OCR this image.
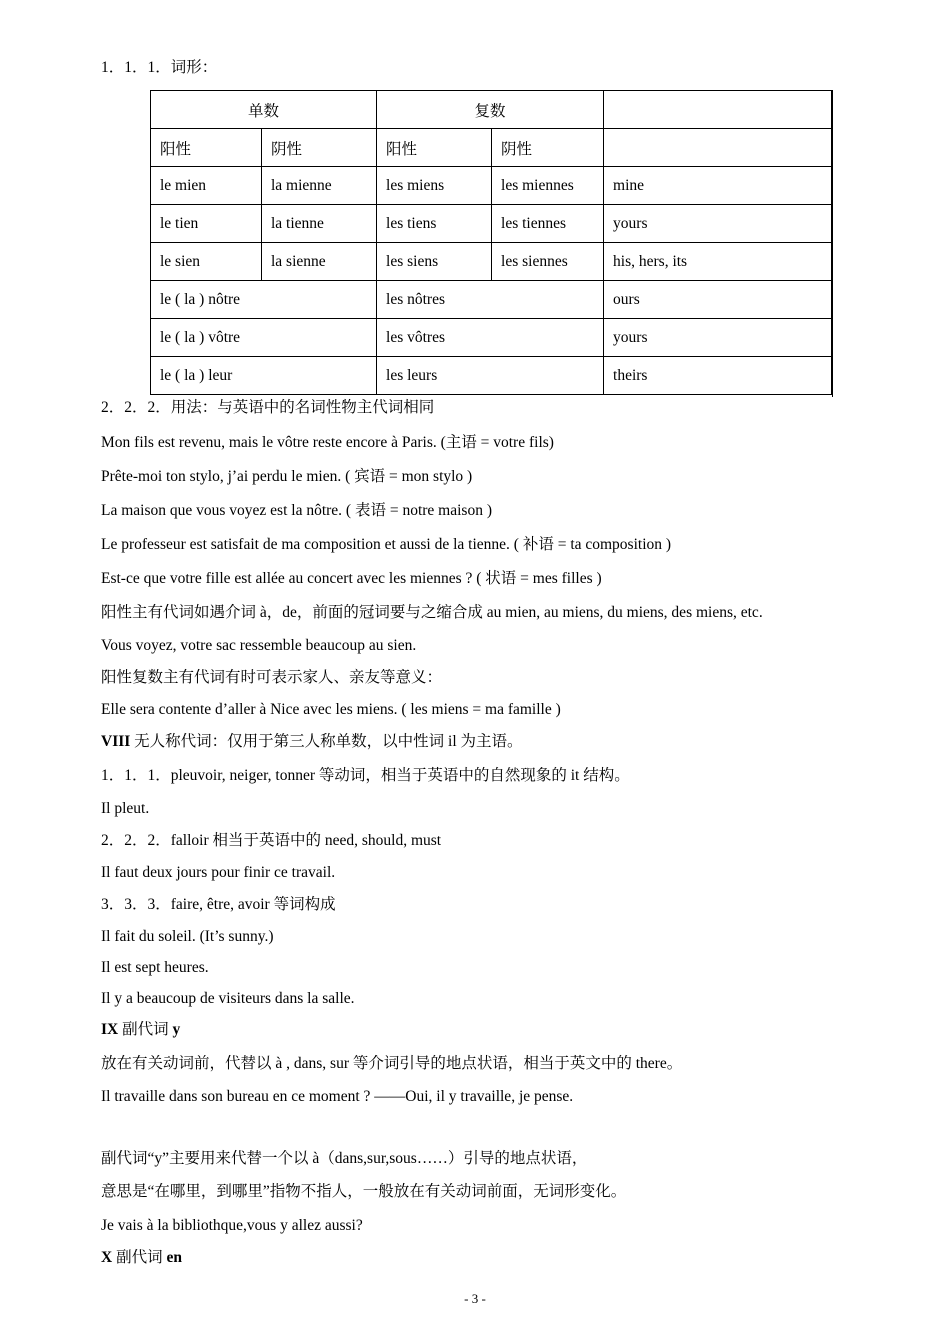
1．1．1．词形：
单数		复数		
阳性	阴性	阳性	阴性	
le mien	la mienne	les miens	les miennes	mine
le tien	la tienne	les tiens	les tiennes	yours
le sien	la sienne	les siens	les siennes	his, hers, its
le ( la ) nôtre		les nôtres		ours
le ( la ) vôtre		les vôtres		yours
le ( la ) leur		les leurs		theirs
2．2．2．用法：与英语中的名词性物主代词相同
Mon fils est revenu, mais le vôtre reste encore à Paris. (主语 = votre fils)
Prête-moi ton stylo, j’ai perdu le mien. ( 宾语 = mon stylo )
La maison que vous voyez est la nôtre. ( 表语 = notre maison )
Le professeur est satisfait de ma composition et aussi de la tienne. ( 补语 = ta composition )
Est-ce que votre fille est allée au concert avec les miennes ? ( 状语 = mes filles )
阳性主有代词如遇介词 à，de，前面的冠词要与之缩合成 au mien, au miens, du miens, des miens, etc.
Vous voyez, votre sac ressemble beaucoup au sien.
阳性复数主有代词有时可表示家人、亲友等意义：
Elle sera contente d’aller à Nice avec les miens. ( les miens = ma famille )
VIII 无人称代词：仅用于第三人称单数，以中性词 il 为主语。
1．1．1．pleuvoir, neiger, tonner 等动词，相当于英语中的自然现象的 it 结构。
Il pleut.
2．2．2．falloir 相当于英语中的 need, should, must
Il faut deux jours pour finir ce travail.
3．3．3．faire, être, avoir 等词构成
Il fait du soleil. (It’s sunny.)
Il est sept heures.
Il y a beaucoup de visiteurs dans la salle.
IX 副代词 y
放在有关动词前，代替以 à , dans, sur 等介词引导的地点状语，相当于英文中的 there。
Il travaille dans son bureau en ce moment ? ——Oui, il y travaille, je pense.
副代词“y”主要用来代替一个以 à（dans,sur,sous……）引导的地点状语，
意思是“在哪里，到哪里”指物不指人，一般放在有关动词前面，无词形变化。
Je vais à la bibliothque,vous y allez aussi?
X 副代词 en
- 3 -
